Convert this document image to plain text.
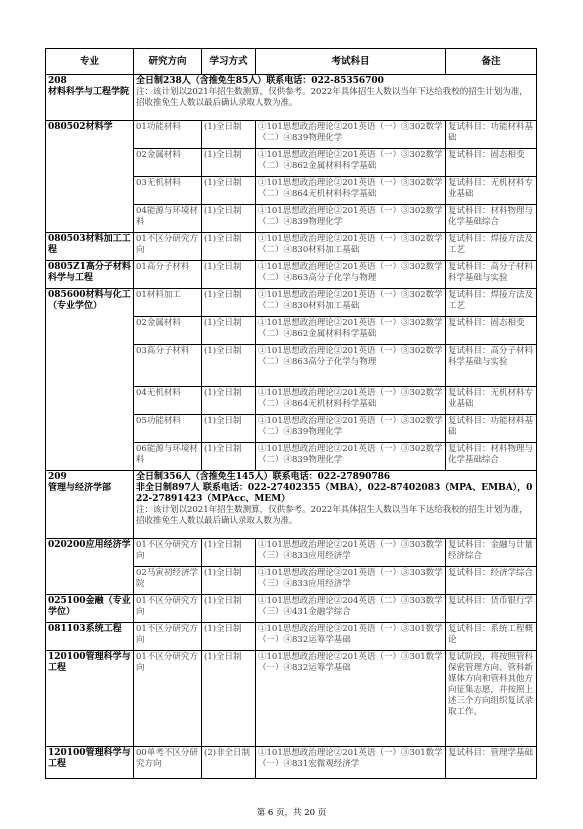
专业	研究方向	学习方式	考试科目	备注
208
材料科学与工程学院	全日制238人（含推免生85人）联系电话：022-85356700
注：该计划以2021年招生数测算，仅供参考。2022年具体招生人数以当年下达给我校的招生计划为准，招收推免生人数以最后确认录取人数为准。			
080502材料学	01功能材料	(1)全日制	①101思想政治理论②201英语（一）③302数学（二）④839物理化学	复试科目：功能材料基础
	02金属材料	(1)全日制	①101思想政治理论②201英语（一）③302数学（二）④862金属材料科学基础	复试科目：固态相变
	03无机材料	(1)全日制	①101思想政治理论②201英语（一）③302数学（二）④864无机材料科学基础	复试科目：无机材料专业基础
	04能源与环境材料	(1)全日制	①101思想政治理论②201英语（一）③302数学（二）④839物理化学	复试科目：材料物理与化学基础综合
080503材料加工工程	01不区分研究方向	(1)全日制	①101思想政治理论②201英语（一）③302数学（二）④830材料加工基础	复试科目：焊接方法及工艺
0805Z1高分子材料科学与工程	01高分子材料	(1)全日制	①101思想政治理论②201英语（一）③302数学（二）④863高分子化学与物理	复试科目：高分子材料科学基础与实验
085600材料与化工（专业学位）	01材料加工	(1)全日制	①101思想政治理论②201英语（一）③302数学（二）④830材料加工基础	复试科目：焊接方法及工艺
	02金属材料	(1)全日制	①101思想政治理论②201英语（一）③302数学（二）④862金属材料科学基础	复试科目：固态相变
	03高分子材料	(1)全日制	①101思想政治理论②201英语（一）③302数学（二）④863高分子化学与物理	复试科目：高分子材料科学基础与实验
	04无机材料	(1)全日制	①101思想政治理论②201英语（一）③302数学（二）④864无机材料科学基础	复试科目：无机材料专业基础
	05功能材料	(1)全日制	①101思想政治理论②201英语（一）③302数学（二）④839物理化学	复试科目：功能材料基础
	06能源与环境材料	(1)全日制	①101思想政治理论②201英语（一）③302数学（二）④839物理化学	复试科目：材料物理与化学基础综合
209
管理与经济学部	全日制356人（含推免生145人）联系电话：022-27890786
非全日制897人 联系电话：022-27402355（MBA），022-87402083（MPA、EMBA），022-27891423（MPAcc、MEM）
注：该计划以2021年招生数测算，仅供参考。2022年具体招生人数以当年下达给我校的招生计划为准，招收推免生人数以最后确认录取人数为准。			
020200应用经济学	01不区分研究方向	(1)全日制	①101思想政治理论②201英语（一）③303数学（三）④833应用经济学	复试科目：金融与计量经济综合
	02马寅初经济学院	(1)全日制	①101思想政治理论②201英语（一）③303数学（三）④833应用经济学	复试科目：经济学综合
025100金融（专业学位）	01不区分研究方向	(1)全日制	①101思想政治理论②204英语（二）③303数学（三）④431金融学综合	复试科目：货币银行学
081103系统工程	01不区分研究方向	(1)全日制	①101思想政治理论②201英语（一）③301数学（一）④832运筹学基础	复试科目：系统工程概论
120100管理科学与工程	01不区分研究方向	(1)全日制	①101思想政治理论②201英语（一）③301数学（一）④832运筹学基础	复试阶段，将按照管科保密管理方向、管科新媒体方向和管科其他方向征集志愿，并按照上述三个方向组织复试录取工作。
120100管理科学与工程	00单考不区分研究方向	(2)非全日制	①101思想政治理论②201英语（一）③301数学（一）④831宏微观经济学	复试科目：管理学基础
第 6 页，共 20 页
